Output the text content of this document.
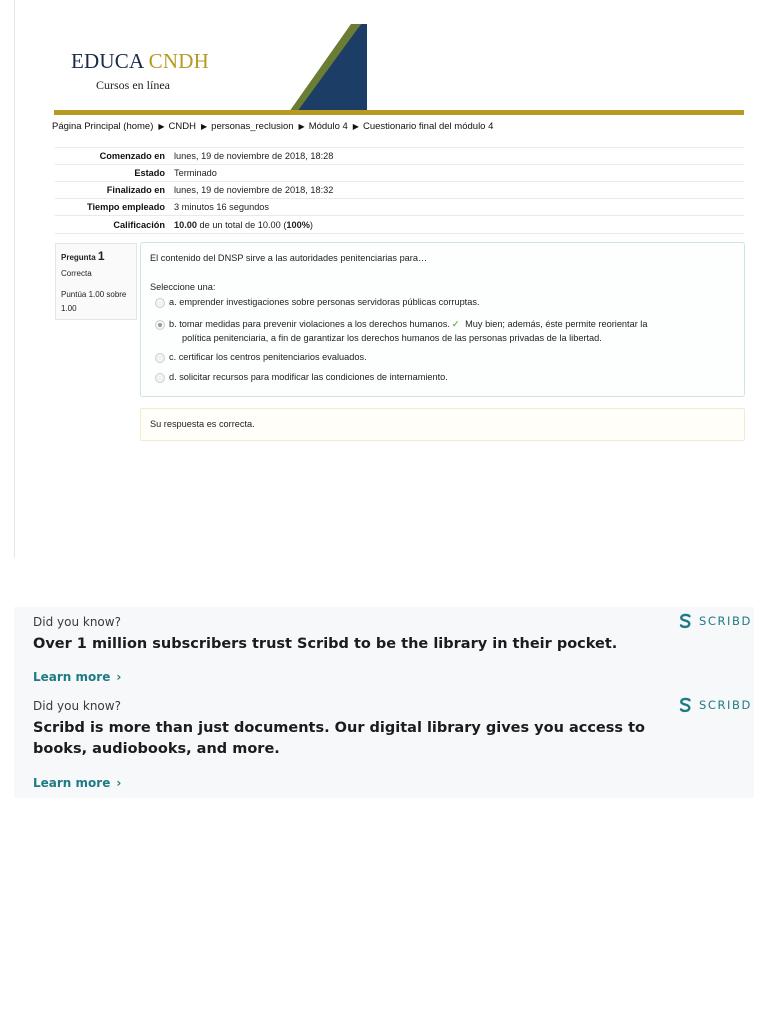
EDUCA CNDH
Cursos en línea
Página Principal (home) ▶ CNDH ▶ personas_reclusion ▶ Módulo 4 ▶ Cuestionario final del módulo 4
Comenzado en lunes, 19 de noviembre de 2018, 18:28
Estado Terminado
Finalizado en lunes, 19 de noviembre de 2018, 18:32
Tiempo empleado 3 minutos 16 segundos
Calificación 10.00 de un total de 10.00 (100%)
Pregunta 1
Correcta
Puntúa 1.00 sobre 1.00
El contenido del DNSP sirve a las autoridades penitenciarias para…
Seleccione una:
a. emprender investigaciones sobre personas servidoras públicas corruptas.
b. tomar medidas para prevenir violaciones a los derechos humanos. ✓ Muy bien; además, éste permite reorientar la
política penitenciaria, a fin de garantizar los derechos humanos de las personas privadas de la libertad.
c. certificar los centros penitenciarios evaluados.
d. solicitar recursos para modificar las condiciones de internamiento.
Su respuesta es correcta.
Did you know?	SCRIBD
Over 1 million subscribers trust Scribd to be the library in their pocket.
Learn more ›
Did you know?	SCRIBD
Scribd is more than just documents. Our digital library gives you access to books, audiobooks, and more.
Learn more ›
